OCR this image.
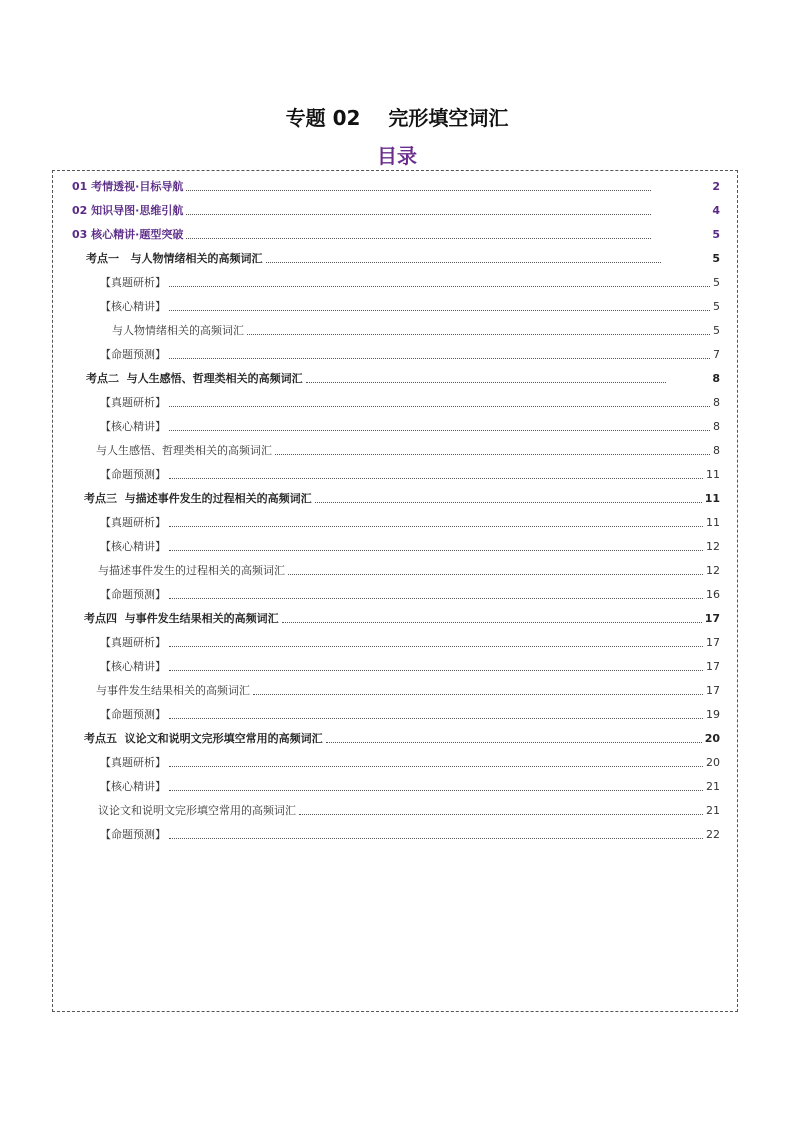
专题 02    完形填空词汇
目录
01 考情透视·目标导航	2
02 知识导图·思维引航	4
03 核心精讲·题型突破	5
考点一   与人物情绪相关的高频词汇	5
【真题研析】	5
【核心精讲】	5
与人物情绪相关的高频词汇	5
【命题预测】	7
考点二  与人生感悟、哲理类相关的高频词汇	8
【真题研析】	8
【核心精讲】	8
与人生感悟、哲理类相关的高频词汇	8
【命题预测】	11
考点三  与描述事件发生的过程相关的高频词汇	11
【真题研析】	11
【核心精讲】	12
与描述事件发生的过程相关的高频词汇	12
【命题预测】	16
考点四  与事件发生结果相关的高频词汇	17
【真题研析】	17
【核心精讲】	17
与事件发生结果相关的高频词汇	17
【命题预测】	19
考点五  议论文和说明文完形填空常用的高频词汇	20
【真题研析】	20
【核心精讲】	21
议论文和说明文完形填空常用的高频词汇	21
【命题预测】	22
